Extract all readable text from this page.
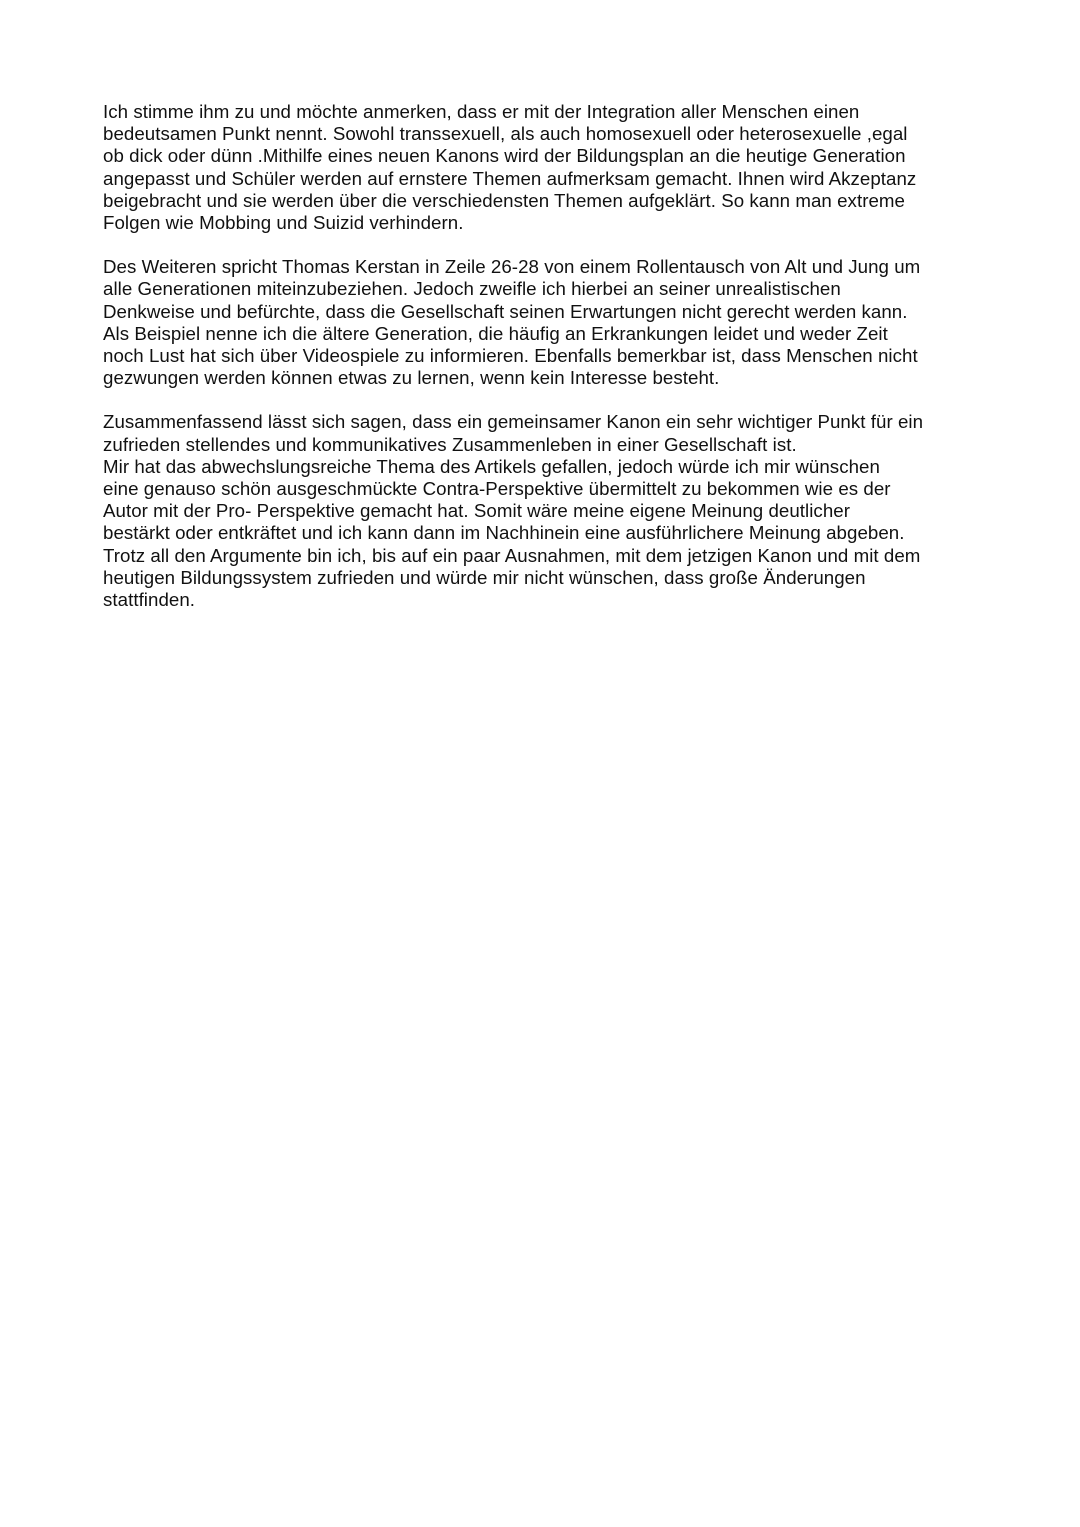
Ich stimme ihm zu und möchte anmerken, dass er mit der Integration aller Menschen einen
bedeutsamen Punkt nennt. Sowohl transsexuell, als auch homosexuell oder heterosexuelle ,egal
ob dick oder dünn .Mithilfe eines neuen Kanons wird der Bildungsplan an die heutige Generation
angepasst und Schüler werden auf ernstere Themen aufmerksam gemacht. Ihnen wird Akzeptanz
beigebracht und sie werden über die verschiedensten Themen aufgeklärt. So kann man extreme
Folgen wie Mobbing und Suizid verhindern.

Des Weiteren spricht Thomas Kerstan in Zeile 26-28 von einem Rollentausch von Alt und Jung um
alle Generationen miteinzubeziehen. Jedoch zweifle ich hierbei an seiner unrealistischen
Denkweise und befürchte, dass die Gesellschaft seinen Erwartungen nicht gerecht werden kann.
Als Beispiel nenne ich die ältere Generation, die häufig an Erkrankungen leidet und weder Zeit
noch Lust hat sich über Videospiele zu informieren. Ebenfalls bemerkbar ist, dass Menschen nicht
gezwungen werden können etwas zu lernen, wenn kein Interesse besteht.

Zusammenfassend lässt sich sagen, dass ein gemeinsamer Kanon ein sehr wichtiger Punkt für ein
zufrieden stellendes und kommunikatives Zusammenleben in einer Gesellschaft ist.
Mir hat das abwechslungsreiche Thema des Artikels gefallen, jedoch würde ich mir wünschen
eine genauso schön ausgeschmückte Contra-Perspektive übermittelt zu bekommen wie es der
Autor mit der Pro- Perspektive gemacht hat. Somit wäre meine eigene Meinung deutlicher
bestärkt oder entkräftet und ich kann dann im Nachhinein eine ausführlichere Meinung abgeben.
Trotz all den Argumente bin ich, bis auf ein paar Ausnahmen, mit dem jetzigen Kanon und mit dem
heutigen Bildungssystem zufrieden und würde mir nicht wünschen, dass große Änderungen
stattfinden.
